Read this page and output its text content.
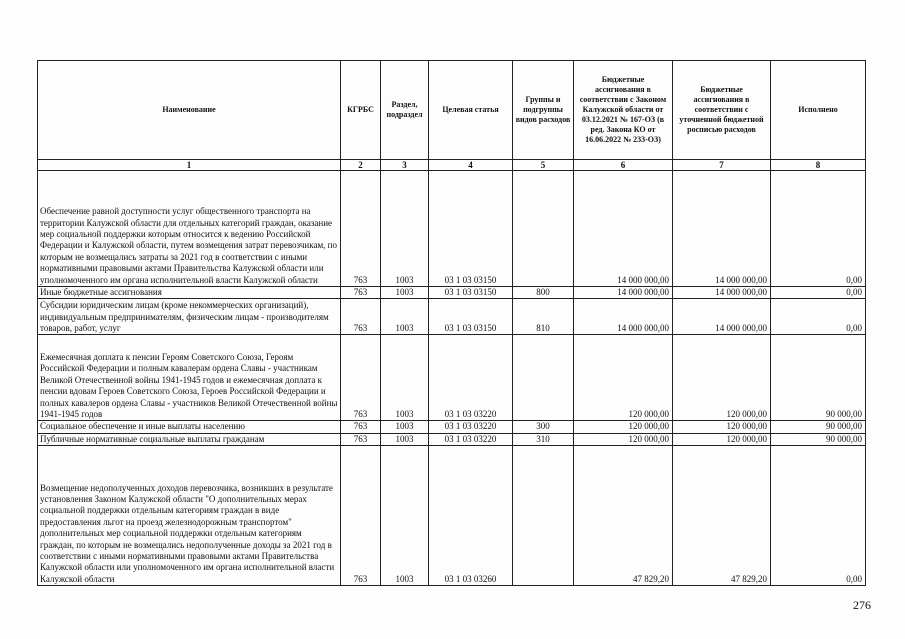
Наименование	КГРБС	Раздел, подраздел	Целевая статья	Группы и подгруппы видов расходов	Бюджетные ассигнования в соответствии с Законом Калужской области от 03.12.2021 № 167-ОЗ (в ред. Закона КО от 16.06.2022 № 233-ОЗ)	Бюджетные ассигнования в соответствии с уточненной бюджетной росписью расходов	Исполнено
1	2	3	4	5	6	7	8
Обеспечение равной доступности услуг общественного транспорта на территории Калужской области для отдельных категорий граждан, оказание мер социальной поддержки которым относится к ведению Российской Федерации и Калужской области, путем возмещения затрат перевозчикам, по которым не возмещались затраты за 2021 год в соответствии с иными нормативными правовыми актами Правительства Калужской области или уполномоченного им органа исполнительной власти Калужской области	763	1003	03 1 03 03150		14 000 000,00	14 000 000,00	0,00
Иные бюджетные ассигнования	763	1003	03 1 03 03150	800	14 000 000,00	14 000 000,00	0,00
Субсидии юридическим лицам (кроме некоммерческих организаций), индивидуальным предпринимателям, физическим лицам - производителям товаров, работ, услуг	763	1003	03 1 03 03150	810	14 000 000,00	14 000 000,00	0,00
Ежемесячная доплата к пенсии Героям Советского Союза, Героям Российской Федерации и полным кавалерам ордена Славы - участникам Великой Отечественной войны 1941-1945 годов и ежемесячная доплата к пенсии вдовам Героев Советского Союза, Героев Российской Федерации и полных кавалеров ордена Славы - участников Великой Отечественной войны 1941-1945 годов	763	1003	03 1 03 03220		120 000,00	120 000,00	90 000,00
Социальное обеспечение и иные выплаты населению	763	1003	03 1 03 03220	300	120 000,00	120 000,00	90 000,00
Публичные нормативные социальные выплаты гражданам	763	1003	03 1 03 03220	310	120 000,00	120 000,00	90 000,00
Возмещение недополученных доходов перевозчика, возникших в результате установления Законом Калужской области "О дополнительных мерах социальной поддержки отдельным категориям граждан в виде предоставления льгот на проезд железнодорожным транспортом" дополнительных мер социальной поддержки отдельным категориям граждан, по которым не возмещались недополученные доходы за 2021 год в соответствии с иными нормативными правовыми актами Правительства Калужской области или уполномоченного им органа исполнительной власти Калужской области	763	1003	03 1 03 03260		47 829,20	47 829,20	0,00
276
